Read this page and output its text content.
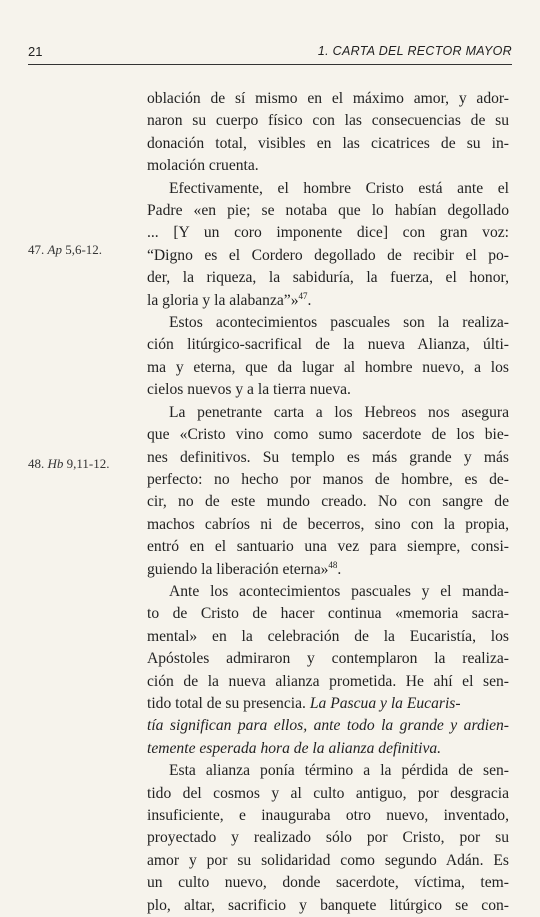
21	1. CARTA DEL RECTOR MAYOR
47. Ap 5,6-12.
48. Hb 9,11-12.
oblación de sí mismo en el máximo amor, y ador-
naron su cuerpo físico con las consecuencias de su
donación total, visibles en las cicatrices de su in-
molación cruenta.
Efectivamente, el hombre Cristo está ante el
Padre «en pie; se notaba que lo habían degollado
... [Y un coro imponente dice] con gran voz:
“Digno es el Cordero degollado de recibir el po-
der, la riqueza, la sabiduría, la fuerza, el honor,
la gloria y la alabanza”»$^{47}$.
Estos acontecimientos pascuales son la realiza-
ción litúrgico-sacrifical de la nueva Alianza, últi-
ma y eterna, que da lugar al hombre nuevo, a los
cielos nuevos y a la tierra nueva.
La penetrante carta a los Hebreos nos asegura
que «Cristo vino como sumo sacerdote de los bie-
nes definitivos. Su templo es más grande y más
perfecto: no hecho por manos de hombre, es de-
cir, no de este mundo creado. No con sangre de
machos cabríos ni de becerros, sino con la propia,
entró en el santuario una vez para siempre, consi-
guiendo la liberación eterna»$^{48}$.
Ante los acontecimientos pascuales y el manda-
to de Cristo de hacer continua «memoria sacra-
mental» en la celebración de la Eucaristía, los
Apóstoles admiraron y contemplaron la realiza-
ción de la nueva alianza prometida. He ahí el sen-
tido total de su presencia. La Pascua y la Eucaris-
tía significan para ellos, ante todo la grande y ardien-
temente esperada hora de la alianza definitiva.
Esta alianza ponía término a la pérdida de sen-
tido del cosmos y al culto antiguo, por desgracia
insuficiente, e inauguraba otro nuevo, inventado,
proyectado y realizado sólo por Cristo, por su
amor y por su solidaridad como segundo Adán. Es
un culto nuevo, donde sacerdote, víctima, tem-
plo, altar, sacrificio y banquete litúrgico se con-
